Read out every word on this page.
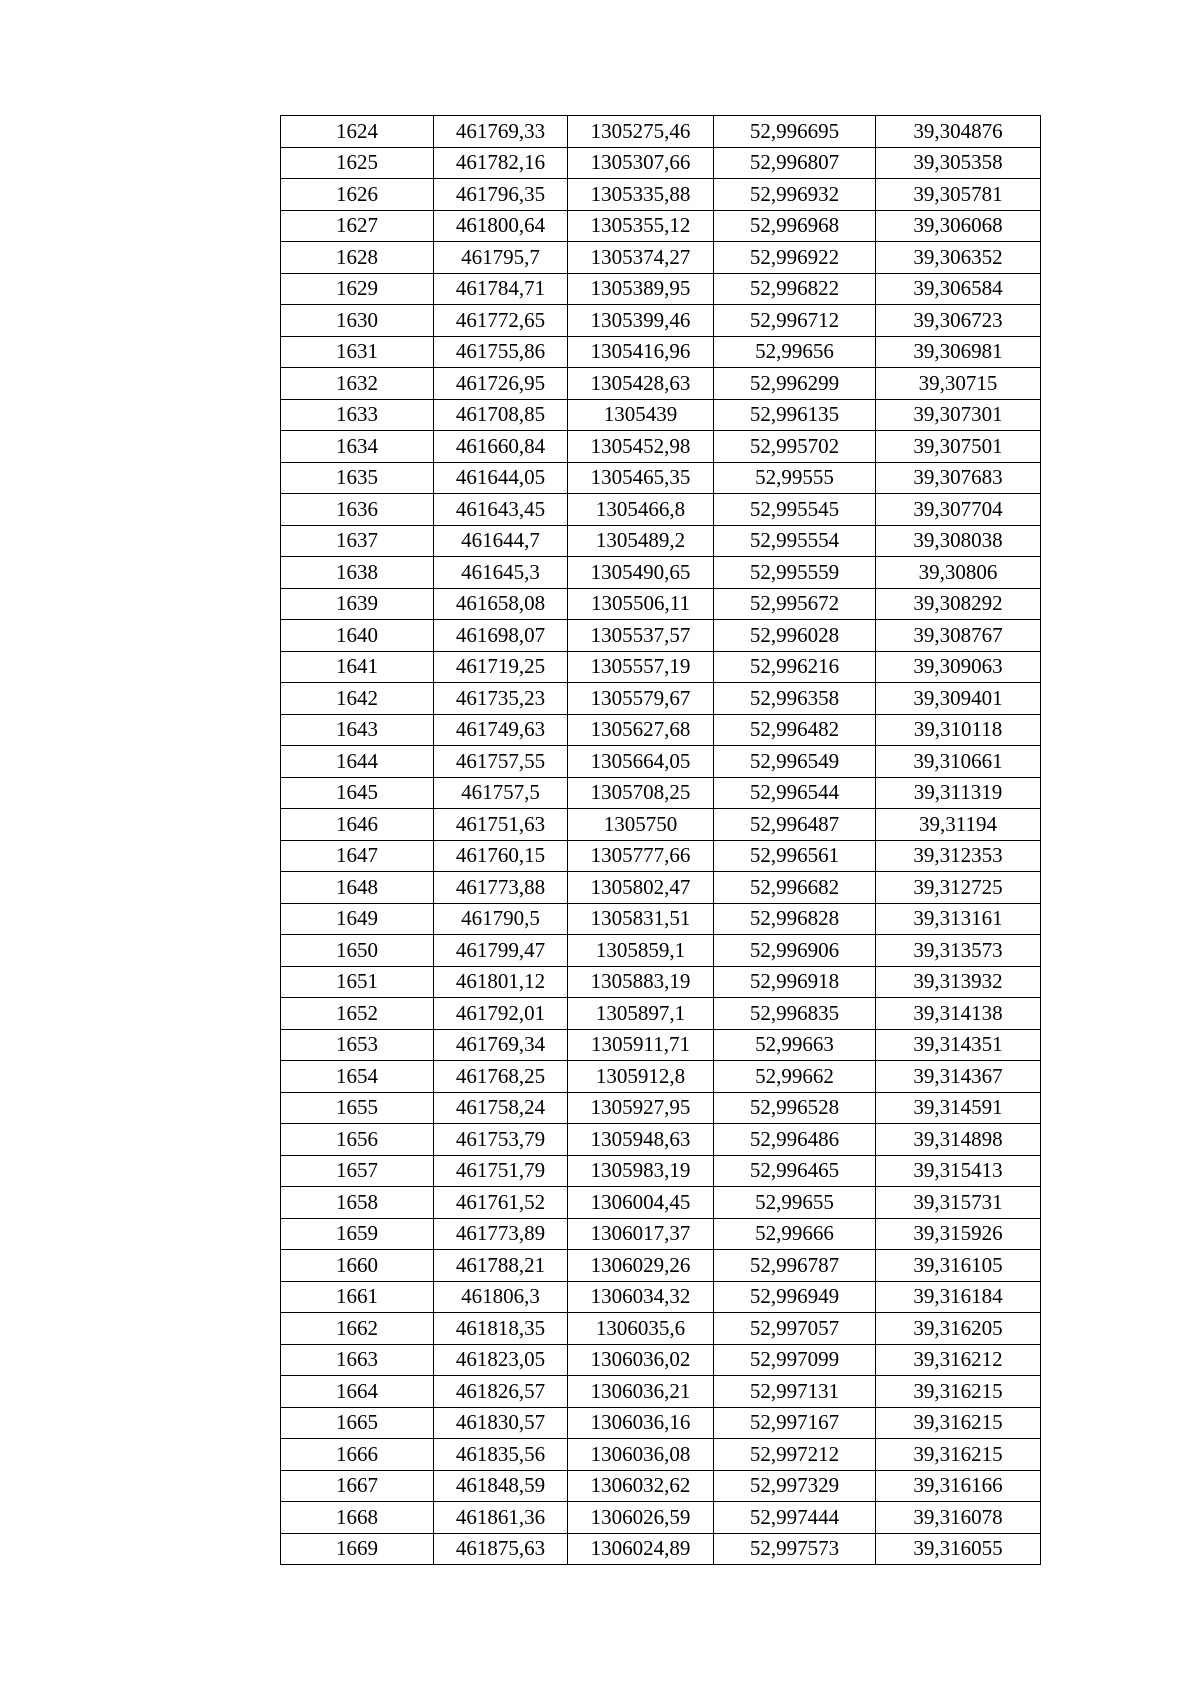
1624	461769,33	1305275,46	52,996695	39,304876
1625	461782,16	1305307,66	52,996807	39,305358
1626	461796,35	1305335,88	52,996932	39,305781
1627	461800,64	1305355,12	52,996968	39,306068
1628	461795,7	1305374,27	52,996922	39,306352
1629	461784,71	1305389,95	52,996822	39,306584
1630	461772,65	1305399,46	52,996712	39,306723
1631	461755,86	1305416,96	52,99656	39,306981
1632	461726,95	1305428,63	52,996299	39,30715
1633	461708,85	1305439	52,996135	39,307301
1634	461660,84	1305452,98	52,995702	39,307501
1635	461644,05	1305465,35	52,99555	39,307683
1636	461643,45	1305466,8	52,995545	39,307704
1637	461644,7	1305489,2	52,995554	39,308038
1638	461645,3	1305490,65	52,995559	39,30806
1639	461658,08	1305506,11	52,995672	39,308292
1640	461698,07	1305537,57	52,996028	39,308767
1641	461719,25	1305557,19	52,996216	39,309063
1642	461735,23	1305579,67	52,996358	39,309401
1643	461749,63	1305627,68	52,996482	39,310118
1644	461757,55	1305664,05	52,996549	39,310661
1645	461757,5	1305708,25	52,996544	39,311319
1646	461751,63	1305750	52,996487	39,31194
1647	461760,15	1305777,66	52,996561	39,312353
1648	461773,88	1305802,47	52,996682	39,312725
1649	461790,5	1305831,51	52,996828	39,313161
1650	461799,47	1305859,1	52,996906	39,313573
1651	461801,12	1305883,19	52,996918	39,313932
1652	461792,01	1305897,1	52,996835	39,314138
1653	461769,34	1305911,71	52,99663	39,314351
1654	461768,25	1305912,8	52,99662	39,314367
1655	461758,24	1305927,95	52,996528	39,314591
1656	461753,79	1305948,63	52,996486	39,314898
1657	461751,79	1305983,19	52,996465	39,315413
1658	461761,52	1306004,45	52,99655	39,315731
1659	461773,89	1306017,37	52,99666	39,315926
1660	461788,21	1306029,26	52,996787	39,316105
1661	461806,3	1306034,32	52,996949	39,316184
1662	461818,35	1306035,6	52,997057	39,316205
1663	461823,05	1306036,02	52,997099	39,316212
1664	461826,57	1306036,21	52,997131	39,316215
1665	461830,57	1306036,16	52,997167	39,316215
1666	461835,56	1306036,08	52,997212	39,316215
1667	461848,59	1306032,62	52,997329	39,316166
1668	461861,36	1306026,59	52,997444	39,316078
1669	461875,63	1306024,89	52,997573	39,316055
